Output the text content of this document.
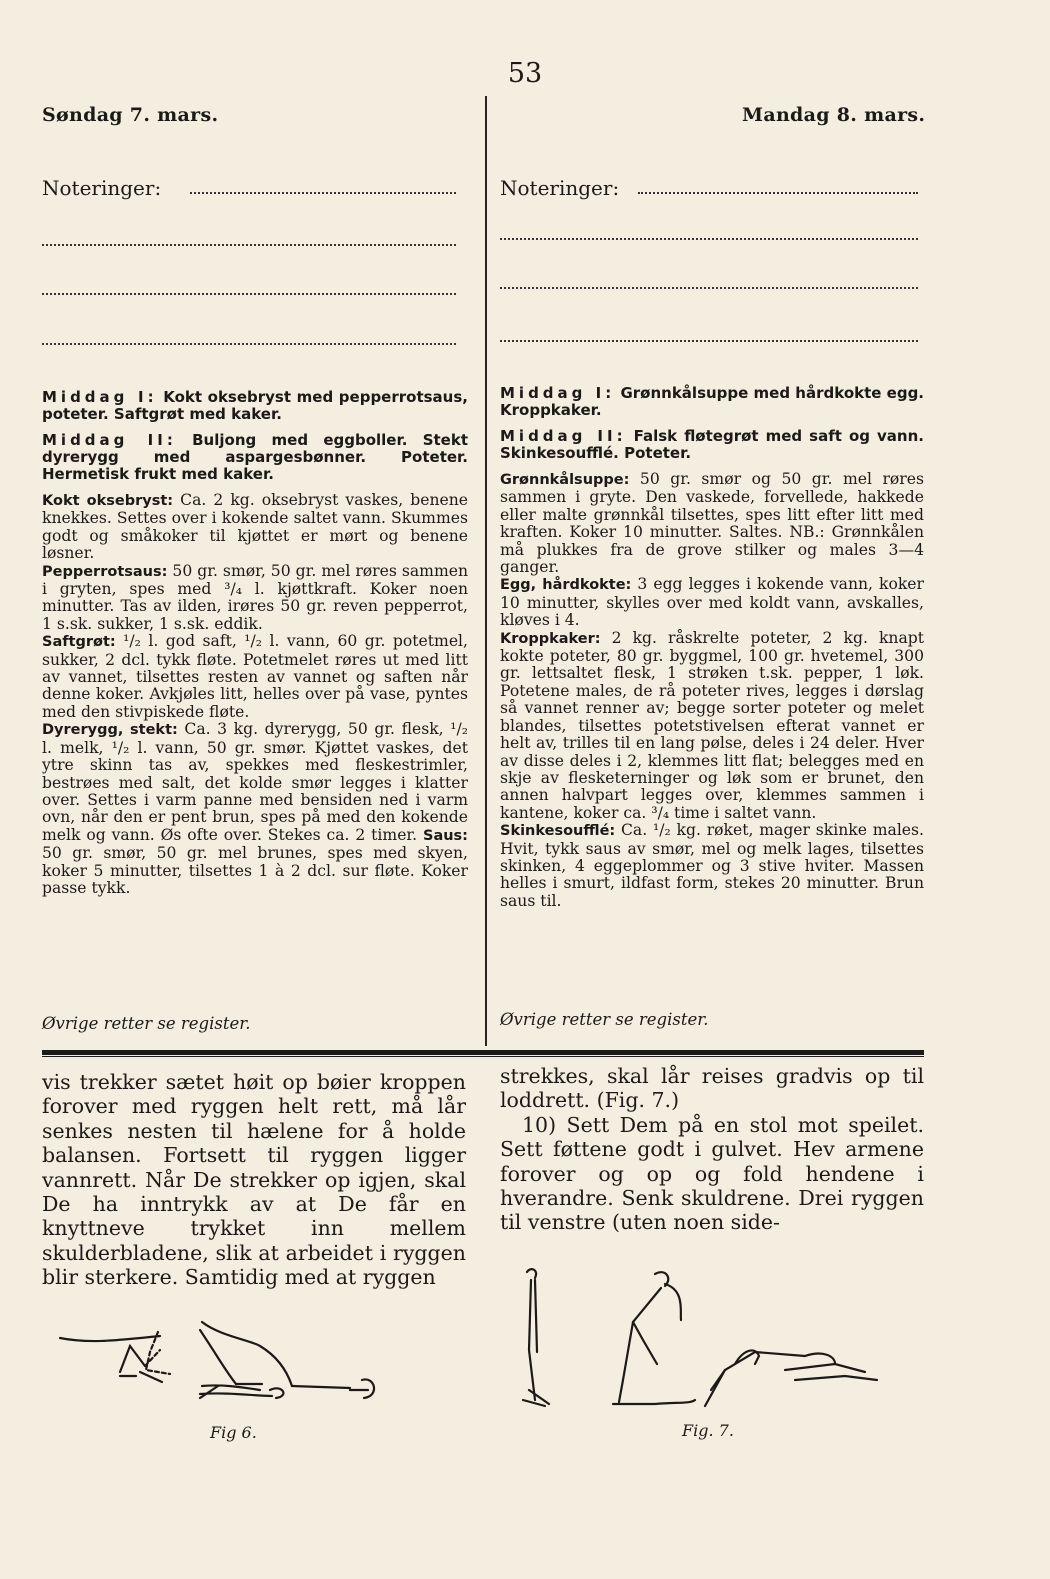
53
Søndag 7. mars.	Mandag 8. mars.
Noteringer:	Noteringer:

Middag I: Kokt oksebryst med pepperrotsaus, poteter. Saftgrøt med kaker.

Middag II: Buljong med eggboller. Stekt dyrerygg med aspargesbønner. Poteter. Hermetisk frukt med kaker.

Kokt oksebryst: Ca. 2 kg. oksebryst vaskes, benene knekkes. Settes over i kokende saltet vann. Skummes godt og småkoker til kjøttet er mørt og benene løsner.

Pepperrotsaus: 50 gr. smør, 50 gr. mel røres sammen i gryten, spes med ³/₄ l. kjøttkraft. Koker noen minutter. Tas av ilden, irøres 50 gr. reven pepperrot, 1 s.sk. sukker, 1 s.sk. eddik.

Saftgrøt: ¹/₂ l. god saft, ¹/₂ l. vann, 60 gr. potetmel, sukker, 2 dcl. tykk fløte. Potetmelet røres ut med litt av vannet, tilsettes resten av vannet og saften når denne koker. Avkjøles litt, helles over på vase, pyntes med den stivpiskede fløte.

Dyrerygg, stekt: Ca. 3 kg. dyrerygg, 50 gr. flesk, ¹/₂ l. melk, ¹/₂ l. vann, 50 gr. smør. Kjøttet vaskes, det ytre skinn tas av, spekkes med fleskestrimler, bestrøes med salt, det kolde smør legges i klatter over. Settes i varm panne med bensiden ned i varm ovn, når den er pent brun, spes på med den kokende melk og vann. Øs ofte over. Stekes ca. 2 timer. Saus: 50 gr. smør, 50 gr. mel brunes, spes med skyen, koker 5 minutter, tilsettes 1 à 2 dcl. sur fløte. Koker passe tykk.

Øvrige retter se register.

Middag I: Grønnkålsuppe med hårdkokte egg. Kroppkaker.

Middag II: Falsk fløtegrøt med saft og vann. Skinkesoufflé. Poteter.

Grønnkålsuppe: 50 gr. smør og 50 gr. mel røres sammen i gryte. Den vaskede, forvellede, hakkede eller malte grønnkål tilsettes, spes litt efter litt med kraften. Koker 10 minutter. Saltes. NB.: Grønnkålen må plukkes fra de grove stilker og males 3—4 ganger.

Egg, hårdkokte: 3 egg legges i kokende vann, koker 10 minutter, skylles over med koldt vann, avskalles, kløves i 4.

Kroppkaker: 2 kg. råskrelte poteter, 2 kg. knapt kokte poteter, 80 gr. byggmel, 100 gr. hvetemel, 300 gr. lettsaltet flesk, 1 strøken t.sk. pepper, 1 løk. Potetene males, de rå poteter rives, legges i dørslag så vannet renner av; begge sorter poteter og melet blandes, tilsettes potetstivelsen efterat vannet er helt av, trilles til en lang pølse, deles i 24 deler. Hver av disse deles i 2, klemmes litt flat; belegges med en skje av flesketerninger og løk som er brunet, den annen halvpart legges over, klemmes sammen i kantene, koker ca. ³/₄ time i saltet vann.

Skinkesoufflé: Ca. ¹/₂ kg. røket, mager skinke males. Hvit, tykk saus av smør, mel og melk lages, tilsettes skinken, 4 eggeplommer og 3 stive hviter. Massen helles i smurt, ildfast form, stekes 20 minutter. Brun saus til.

Øvrige retter se register.
vis trekker sætet høit op bøier kroppen forover med ryggen helt rett, må lår senkes nesten til hælene for å holde balansen. Fortsett til ryggen ligger vannrett. Når De strekker op igjen, skal De ha inntrykk av at De får en knyttneve trykket inn mellem skulderbladene, slik at arbeidet i ryggen blir sterkere. Samtidig med at ryggen
strekkes, skal lår reises gradvis op til loddrett. (Fig. 7.)
10) Sett Dem på en stol mot speilet. Sett føttene godt i gulvet. Hev armene forover og op og fold hendene i hverandre. Senk skuldrene. Drei ryggen til venstre (uten noen side-
Fig 6.	Fig. 7.
